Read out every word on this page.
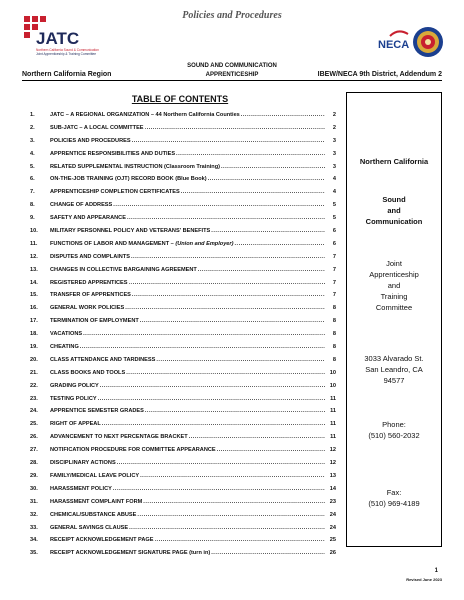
JATC
Northern California Sound & Communication
Joint Apprenticeship & Training Committee
Policies and Procedures
NECA
Northern California Region
SOUND AND COMMUNICATION
APPRENTICESHIP	IBEW/NECA 9th District, Addendum 2
TABLE OF CONTENTS
1.	JATC – A REGIONAL ORGANIZATION – 44 Northern California Counties .....	2
2.	SUB-JATC – A LOCAL COMMITTEE .....	2
3.	POLICIES AND PROCEDURES .....	3
4.	APPRENTICE RESPONSIBILITIES AND DUTIES .....	3
5.	RELATED SUPPLEMENTAL INSTRUCTION (Classroom Training) .....	3
6.	ON-THE-JOB TRAINING (OJT) RECORD BOOK (Blue Book) .....	4
7.	APPRENTICESHIP COMPLETION CERTIFICATES .....	4
8.	CHANGE OF ADDRESS .....	5
9.	SAFETY AND APPEARANCE .....	5
10.	MILITARY PERSONNEL POLICY AND VETERANS' BENEFITS .....	6
11.	FUNCTIONS OF LABOR AND MANAGEMENT – (Union and Employer) .....	6
12.	DISPUTES AND COMPLAINTS .....	7
13.	CHANGES IN COLLECTIVE BARGAINING AGREEMENT .....	7
14.	REGISTERED APPRENTICES .....	7
15.	TRANSFER OF APPRENTICES .....	7
16.	GENERAL WORK POLICIES .....	8
17.	TERMINATION OF EMPLOYMENT .....	8
18.	VACATIONS .....	8
19.	CHEATING .....	8
20.	CLASS ATTENDANCE AND TARDINESS .....	8
21.	CLASS BOOKS AND TOOLS .....	10
22.	GRADING POLICY .....	10
23.	TESTING POLICY .....	11
24.	APPRENTICE SEMESTER GRADES .....	11
25.	RIGHT OF APPEAL .....	11
26.	ADVANCEMENT TO NEXT PERCENTAGE BRACKET .....	11
27.	NOTIFICATION PROCEDURE FOR COMMITTEE APPEARANCE .....	12
28.	DISCIPLINARY ACTIONS .....	12
29.	FAMILY/MEDICAL LEAVE POLICY .....	13
30.	HARASSMENT POLICY .....	14
31.	HARASSMENT COMPLAINT FORM .....	23
32.	CHEMICAL/SUBSTANCE ABUSE .....	24
33.	GENERAL SAVINGS CLAUSE .....	24
34.	RECEIPT ACKNOWLEDGEMENT PAGE .....	25
35.	RECEIPT ACKNOWLEDGEMENT SIGNATURE PAGE (turn in) .....	26
Northern California
Sound
and
Communication
Joint
Apprenticeship
and
Training
Committee
3033 Alvarado St.
San Leandro, CA
94577
Phone:
(510) 560-2032
Fax:
(510) 969-4189
1
Revised June 2023
